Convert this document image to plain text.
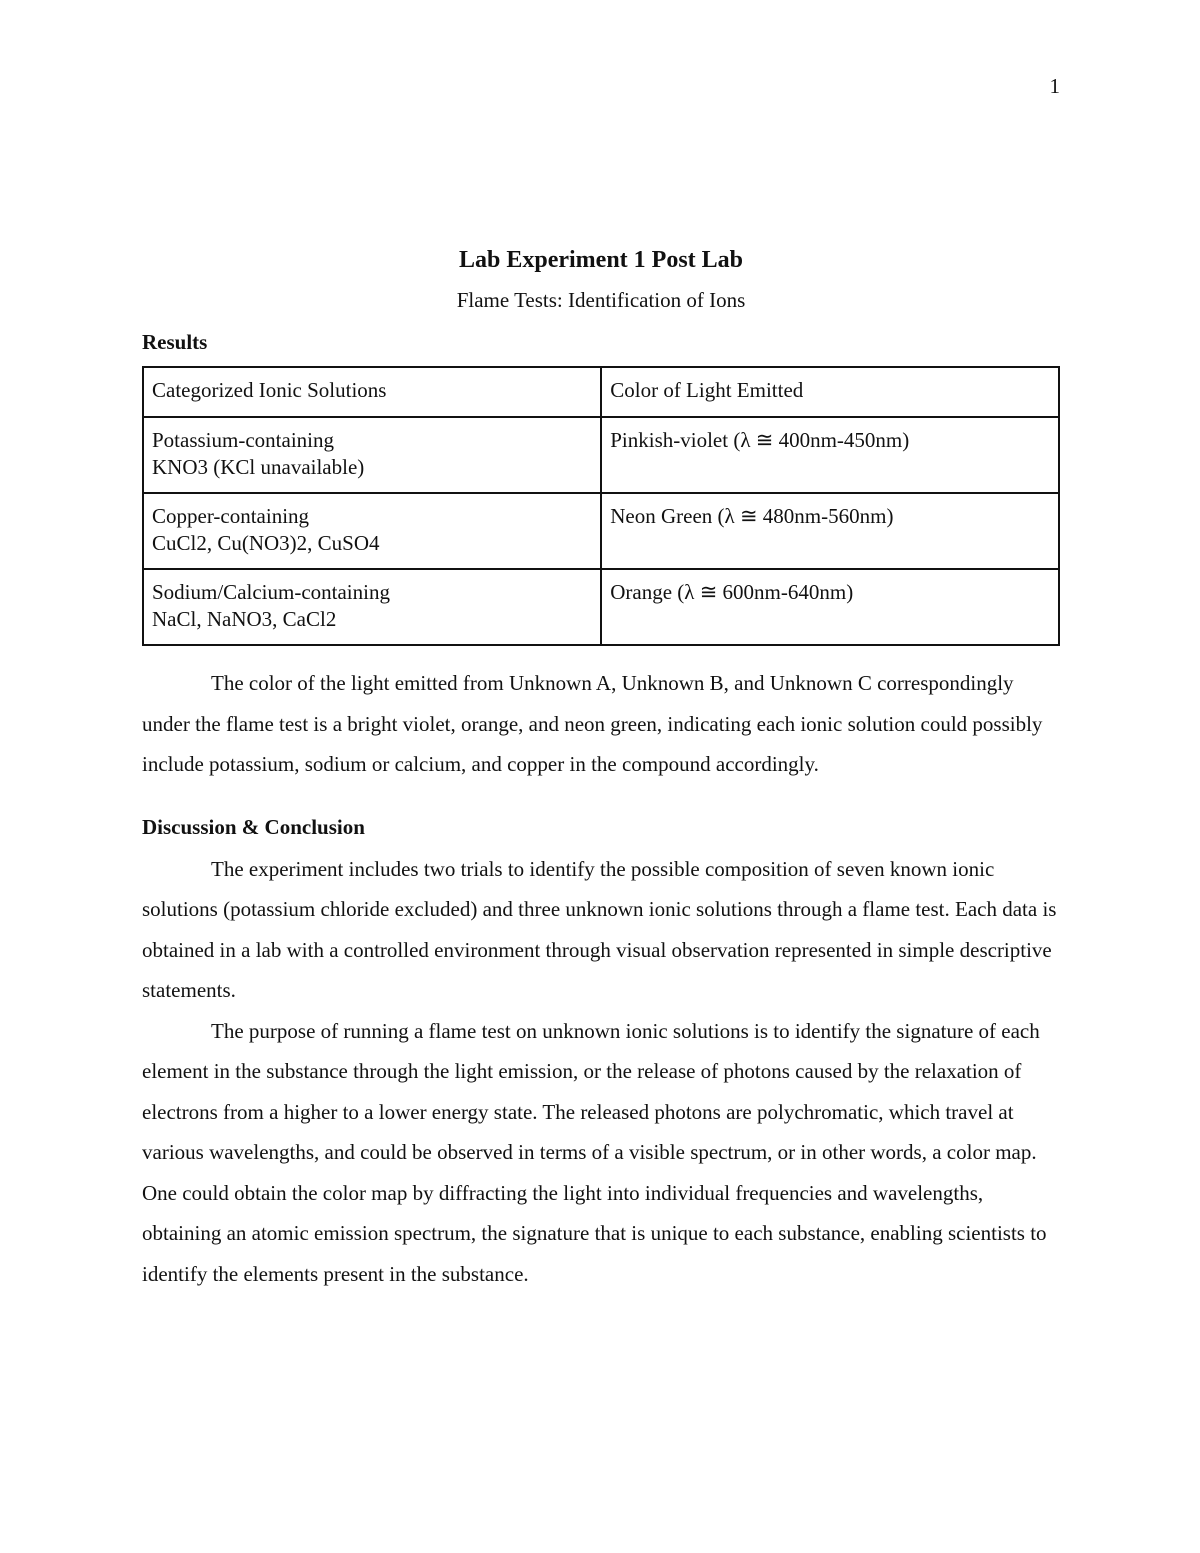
1
Lab Experiment 1 Post Lab

Flame Tests: Identification of Ions

Results
Categorized Ionic Solutions	Color of Light Emitted

Potassium-containing
KNO3 (KCl unavailable)	Pinkish-violet (λ ≅ 400nm-450nm)

Copper-containing
CuCl2, Cu(NO3)2, CuSO4	Neon Green (λ ≅ 480nm-560nm)

Sodium/Calcium-containing
NaCl, NaNO3, CaCl2	Orange (λ ≅ 600nm-640nm)

The color of the light emitted from Unknown A, Unknown B, and Unknown C correspondingly under the flame test is a bright violet, orange, and neon green, indicating each ionic solution could possibly include potassium, sodium or calcium, and copper in the compound accordingly.

Discussion & Conclusion

The experiment includes two trials to identify the possible composition of seven known ionic solutions (potassium chloride excluded) and three unknown ionic solutions through a flame test. Each data is obtained in a lab with a controlled environment through visual observation represented in simple descriptive statements.

The purpose of running a flame test on unknown ionic solutions is to identify the signature of each element in the substance through the light emission, or the release of photons caused by the relaxation of electrons from a higher to a lower energy state. The released photons are polychromatic, which travel at various wavelengths, and could be observed in terms of a visible spectrum, or in other words, a color map. One could obtain the color map by diffracting the light into individual frequencies and wavelengths, obtaining an atomic emission spectrum, the signature that is unique to each substance, enabling scientists to identify the elements present in the substance.
